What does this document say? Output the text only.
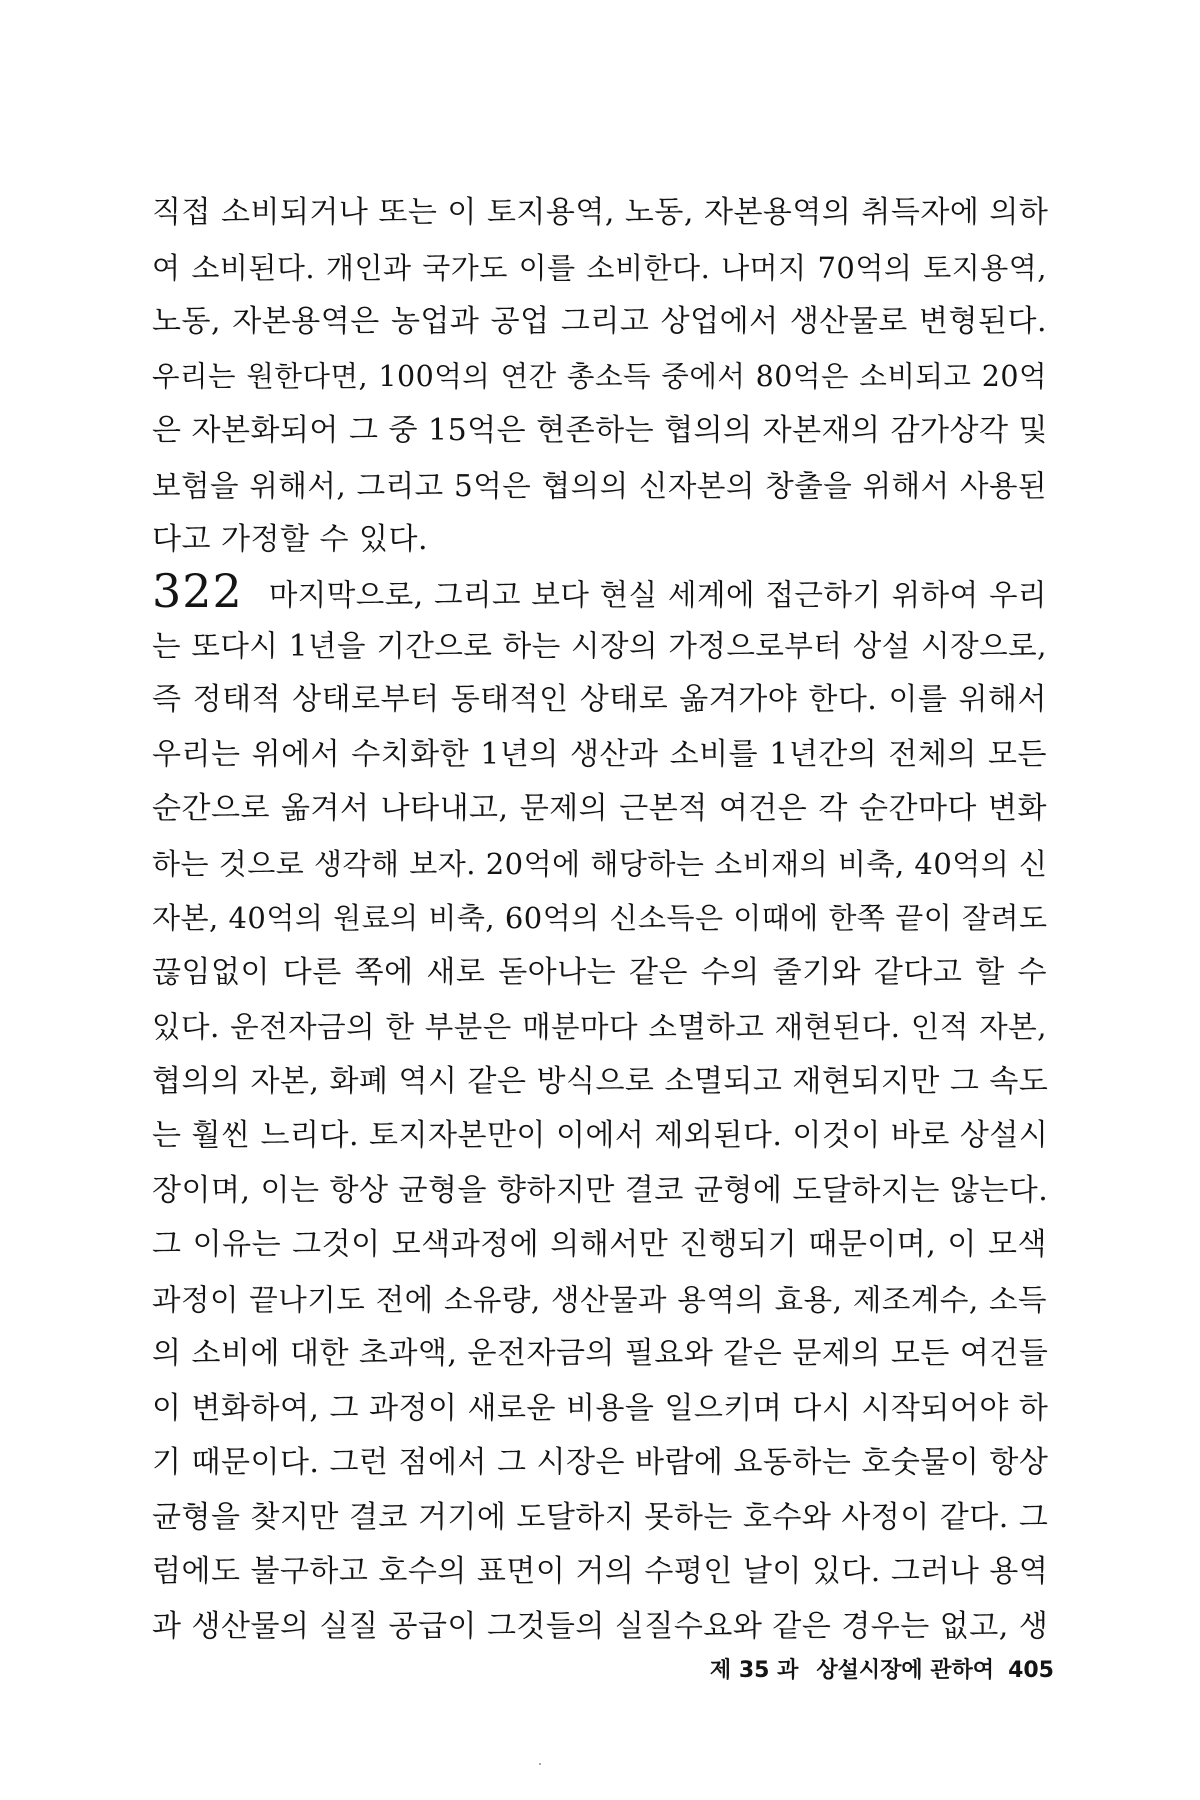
직접 소비되거나 또는 이 토지용역, 노동, 자본용역의 취득자에 의하
여 소비된다. 개인과 국가도 이를 소비한다. 나머지 70억의 토지용역,
노동, 자본용역은 농업과 공업 그리고 상업에서 생산물로 변형된다.
우리는 원한다면, 100억의 연간 총소득 중에서 80억은 소비되고 20억
은 자본화되어 그 중 15억은 현존하는 협의의 자본재의 감가상각 및
보험을 위해서, 그리고 5억은 협의의 신자본의 창출을 위해서 사용된
다고 가정할 수 있다.
322 마지막으로, 그리고 보다 현실 세계에 접근하기 위하여 우리
는 또다시 1년을 기간으로 하는 시장의 가정으로부터 상설 시장으로,
즉 정태적 상태로부터 동태적인 상태로 옮겨가야 한다. 이를 위해서
우리는 위에서 수치화한 1년의 생산과 소비를 1년간의 전체의 모든
순간으로 옮겨서 나타내고, 문제의 근본적 여건은 각 순간마다 변화
하는 것으로 생각해 보자. 20억에 해당하는 소비재의 비축, 40억의 신
자본, 40억의 원료의 비축, 60억의 신소득은 이때에 한쪽 끝이 잘려도
끊임없이 다른 쪽에 새로 돋아나는 같은 수의 줄기와 같다고 할 수
있다. 운전자금의 한 부분은 매분마다 소멸하고 재현된다. 인적 자본,
협의의 자본, 화폐 역시 같은 방식으로 소멸되고 재현되지만 그 속도
는 훨씬 느리다. 토지자본만이 이에서 제외된다. 이것이 바로 상설시
장이며, 이는 항상 균형을 향하지만 결코 균형에 도달하지는 않는다.
그 이유는 그것이 모색과정에 의해서만 진행되기 때문이며, 이 모색
과정이 끝나기도 전에 소유량, 생산물과 용역의 효용, 제조계수, 소득
의 소비에 대한 초과액, 운전자금의 필요와 같은 문제의 모든 여건들
이 변화하여, 그 과정이 새로운 비용을 일으키며 다시 시작되어야 하
기 때문이다. 그런 점에서 그 시장은 바람에 요동하는 호숫물이 항상
균형을 찾지만 결코 거기에 도달하지 못하는 호수와 사정이 같다. 그
럼에도 불구하고 호수의 표면이 거의 수평인 날이 있다. 그러나 용역
과 생산물의 실질 공급이 그것들의 실질수요와 같은 경우는 없고, 생
제 35 과 상설시장에 관하여 405
